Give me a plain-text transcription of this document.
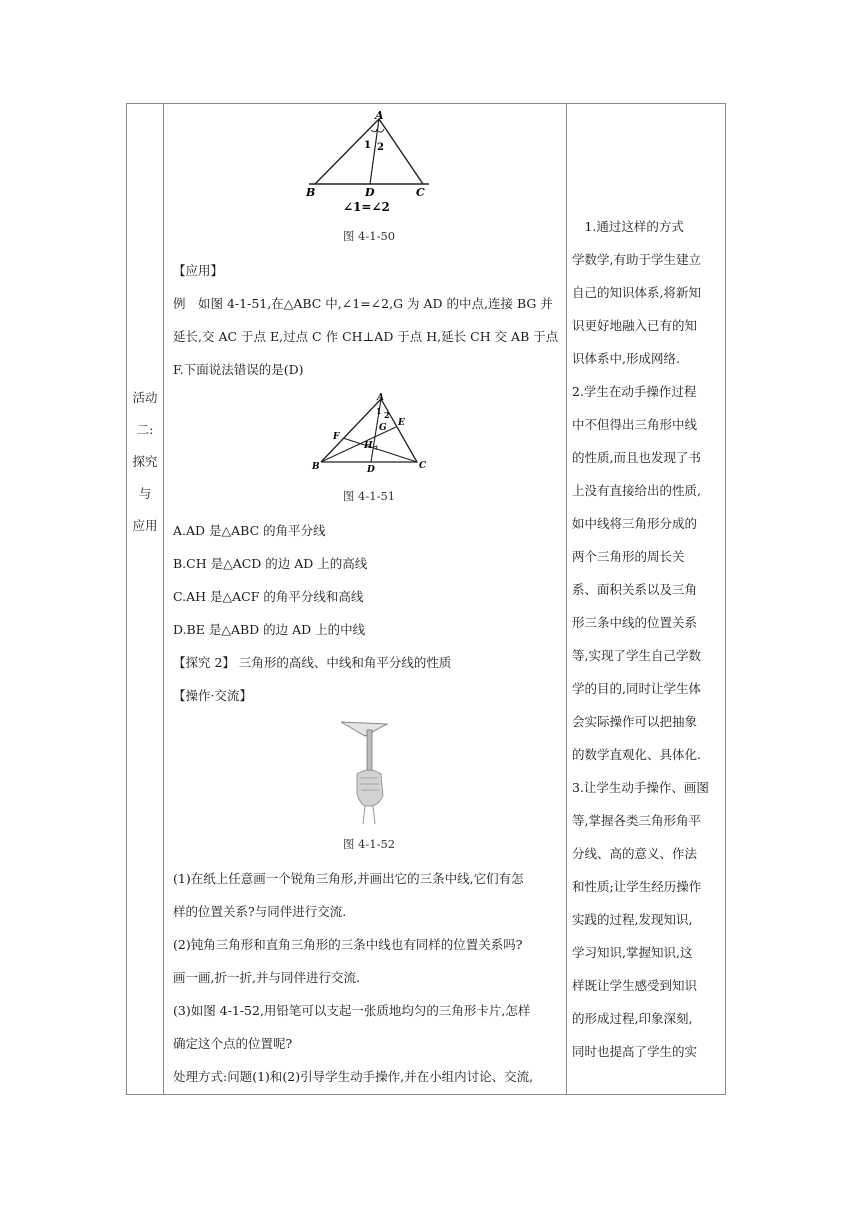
活动
二:
探究
与
应用
A
B	D	C
1 2
∠1=∠2
图 4-1-50
【应用】
例　如图 4-1-51,在△ABC 中,∠1=∠2,G 为 AD 的中点,连接 BG 并
延长,交 AC 于点 E,过点 C 作 CH⊥AD 于点 H,延长 CH 交 AB 于点
F.下面说法错误的是(D)
A
B	C
D
E
F
G
H
1 2
图 4-1-51
A.AD 是△ABC 的角平分线
B.CH 是△ACD 的边 AD 上的高线
C.AH 是△ACF 的角平分线和高线
D.BE 是△ABD 的边 AD 上的中线
【探究 2】 三角形的高线、中线和角平分线的性质
【操作·交流】
图 4-1-52
(1)在纸上任意画一个锐角三角形,并画出它的三条中线,它们有怎
样的位置关系?与同伴进行交流.
(2)钝角三角形和直角三角形的三条中线也有同样的位置关系吗?
画一画,折一折,并与同伴进行交流.
(3)如图 4-1-52,用铅笔可以支起一张质地均匀的三角形卡片,怎样
确定这个点的位置呢?
处理方式:问题(1)和(2)引导学生动手操作,并在小组内讨论、交流,
　1.通过这样的方式
学数学,有助于学生建立
自己的知识体系,将新知
识更好地融入已有的知
识体系中,形成网络.
2.学生在动手操作过程
中不但得出三角形中线
的性质,而且也发现了书
上没有直接给出的性质,
如中线将三角形分成的
两个三角形的周长关
系、面积关系以及三角
形三条中线的位置关系
等,实现了学生自己学数
学的目的,同时让学生体
会实际操作可以把抽象
的数学直观化、具体化.
3.让学生动手操作、画图
等,掌握各类三角形角平
分线、高的意义、作法
和性质;让学生经历操作
实践的过程,发现知识,
学习知识,掌握知识,这
样既让学生感受到知识
的形成过程,印象深刻,
同时也提高了学生的实
